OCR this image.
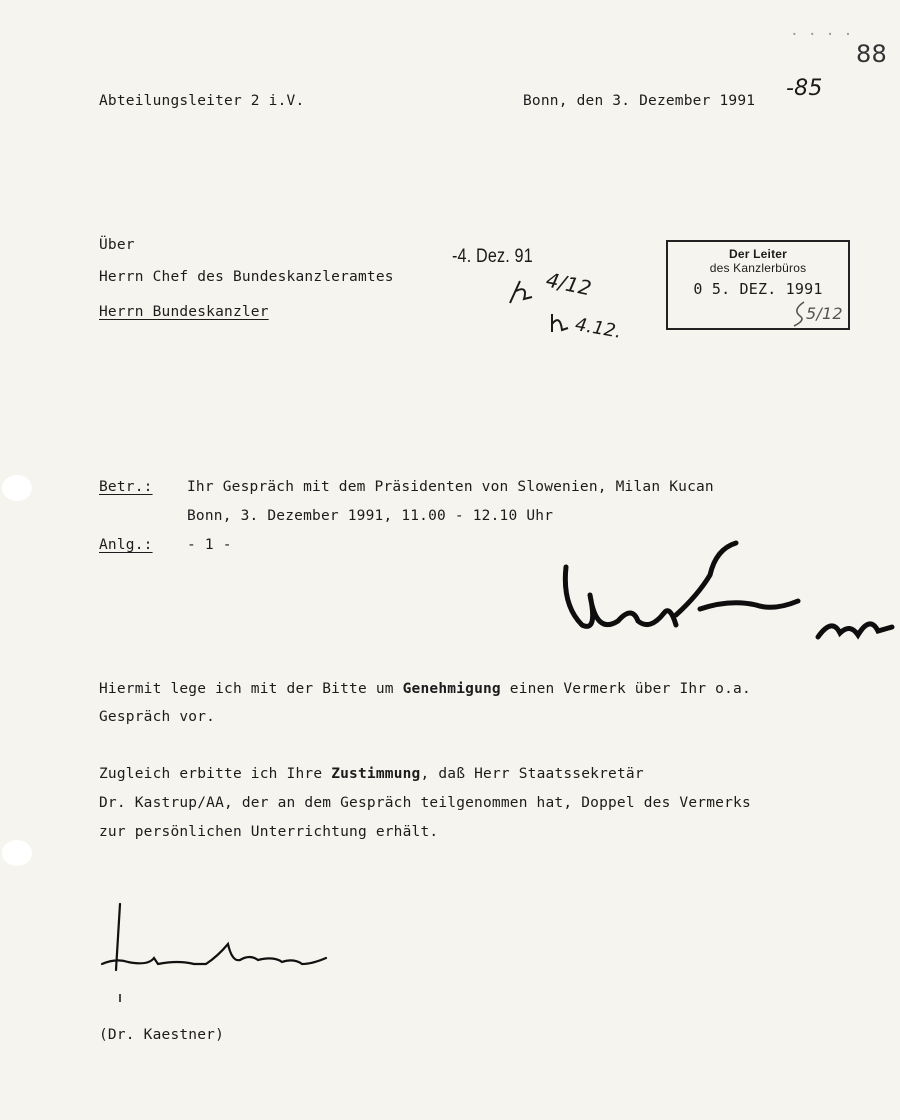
Abteilungsleiter 2 i.V.	Bonn, den 3. Dezember 1991
88
-85
. . . .
Über
Herrn Chef des Bundeskanzleramtes
Herrn Bundeskanzler
-4. Dez. 91
4/12
4.12.
Der Leiter
des Kanzlerbüros
0 5. DEZ. 1991
5/12
Betr.: Ihr Gespräch mit dem Präsidenten von Slowenien, Milan Kucan
Bonn, 3. Dezember 1991, 11.00 - 12.10 Uhr
Anlg.: - 1 -
Hiermit lege ich mit der Bitte um Genehmigung einen Vermerk über Ihr o.a.
Gespräch vor.
Zugleich erbitte ich Ihre Zustimmung, daß Herr Staatssekretär
Dr. Kastrup/AA, der an dem Gespräch teilgenommen hat, Doppel des Vermerks
zur persönlichen Unterrichtung erhält.
(Dr. Kaestner)
